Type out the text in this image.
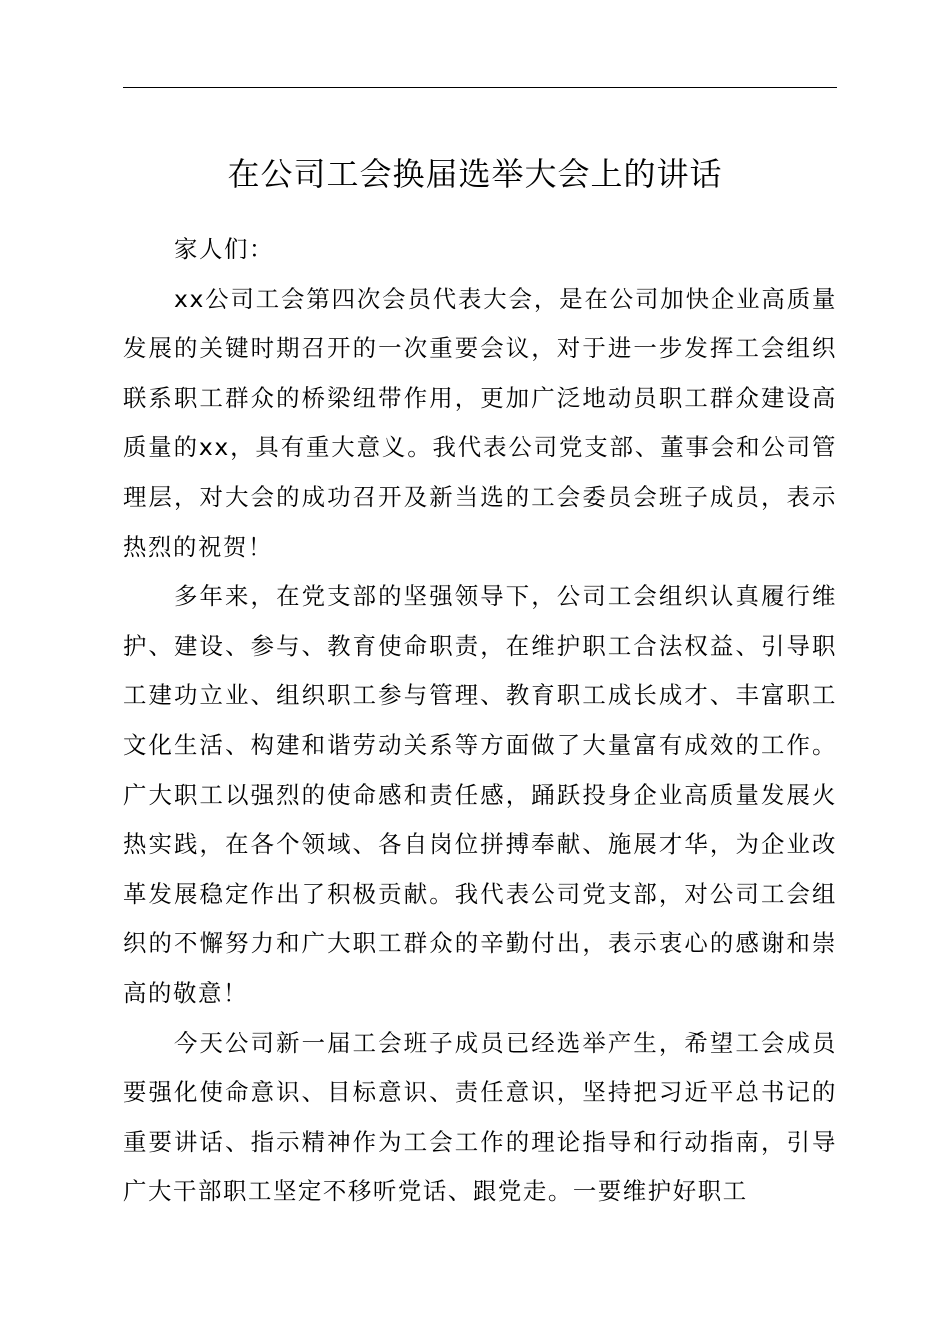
在公司工会换届选举大会上的讲话

家人们：

xx公司工会第四次会员代表大会，是在公司加快企业高质量发展的关键时期召开的一次重要会议，对于进一步发挥工会组织联系职工群众的桥梁纽带作用，更加广泛地动员职工群众建设高质量的xx，具有重大意义。我代表公司党支部、董事会和公司管理层，对大会的成功召开及新当选的工会委员会班子成员，表示热烈的祝贺！

多年来，在党支部的坚强领导下，公司工会组织认真履行维护、建设、参与、教育使命职责，在维护职工合法权益、引导职工建功立业、组织职工参与管理、教育职工成长成才、丰富职工文化生活、构建和谐劳动关系等方面做了大量富有成效的工作。广大职工以强烈的使命感和责任感，踊跃投身企业高质量发展火热实践，在各个领域、各自岗位拼搏奉献、施展才华，为企业改革发展稳定作出了积极贡献。我代表公司党支部，对公司工会组织的不懈努力和广大职工群众的辛勤付出，表示衷心的感谢和崇高的敬意！

今天公司新一届工会班子成员已经选举产生，希望工会成员要强化使命意识、目标意识、责任意识，坚持把习近平总书记的重要讲话、指示精神作为工会工作的理论指导和行动指南，引导广大干部职工坚定不移听党话、跟党走。一要维护好职工
